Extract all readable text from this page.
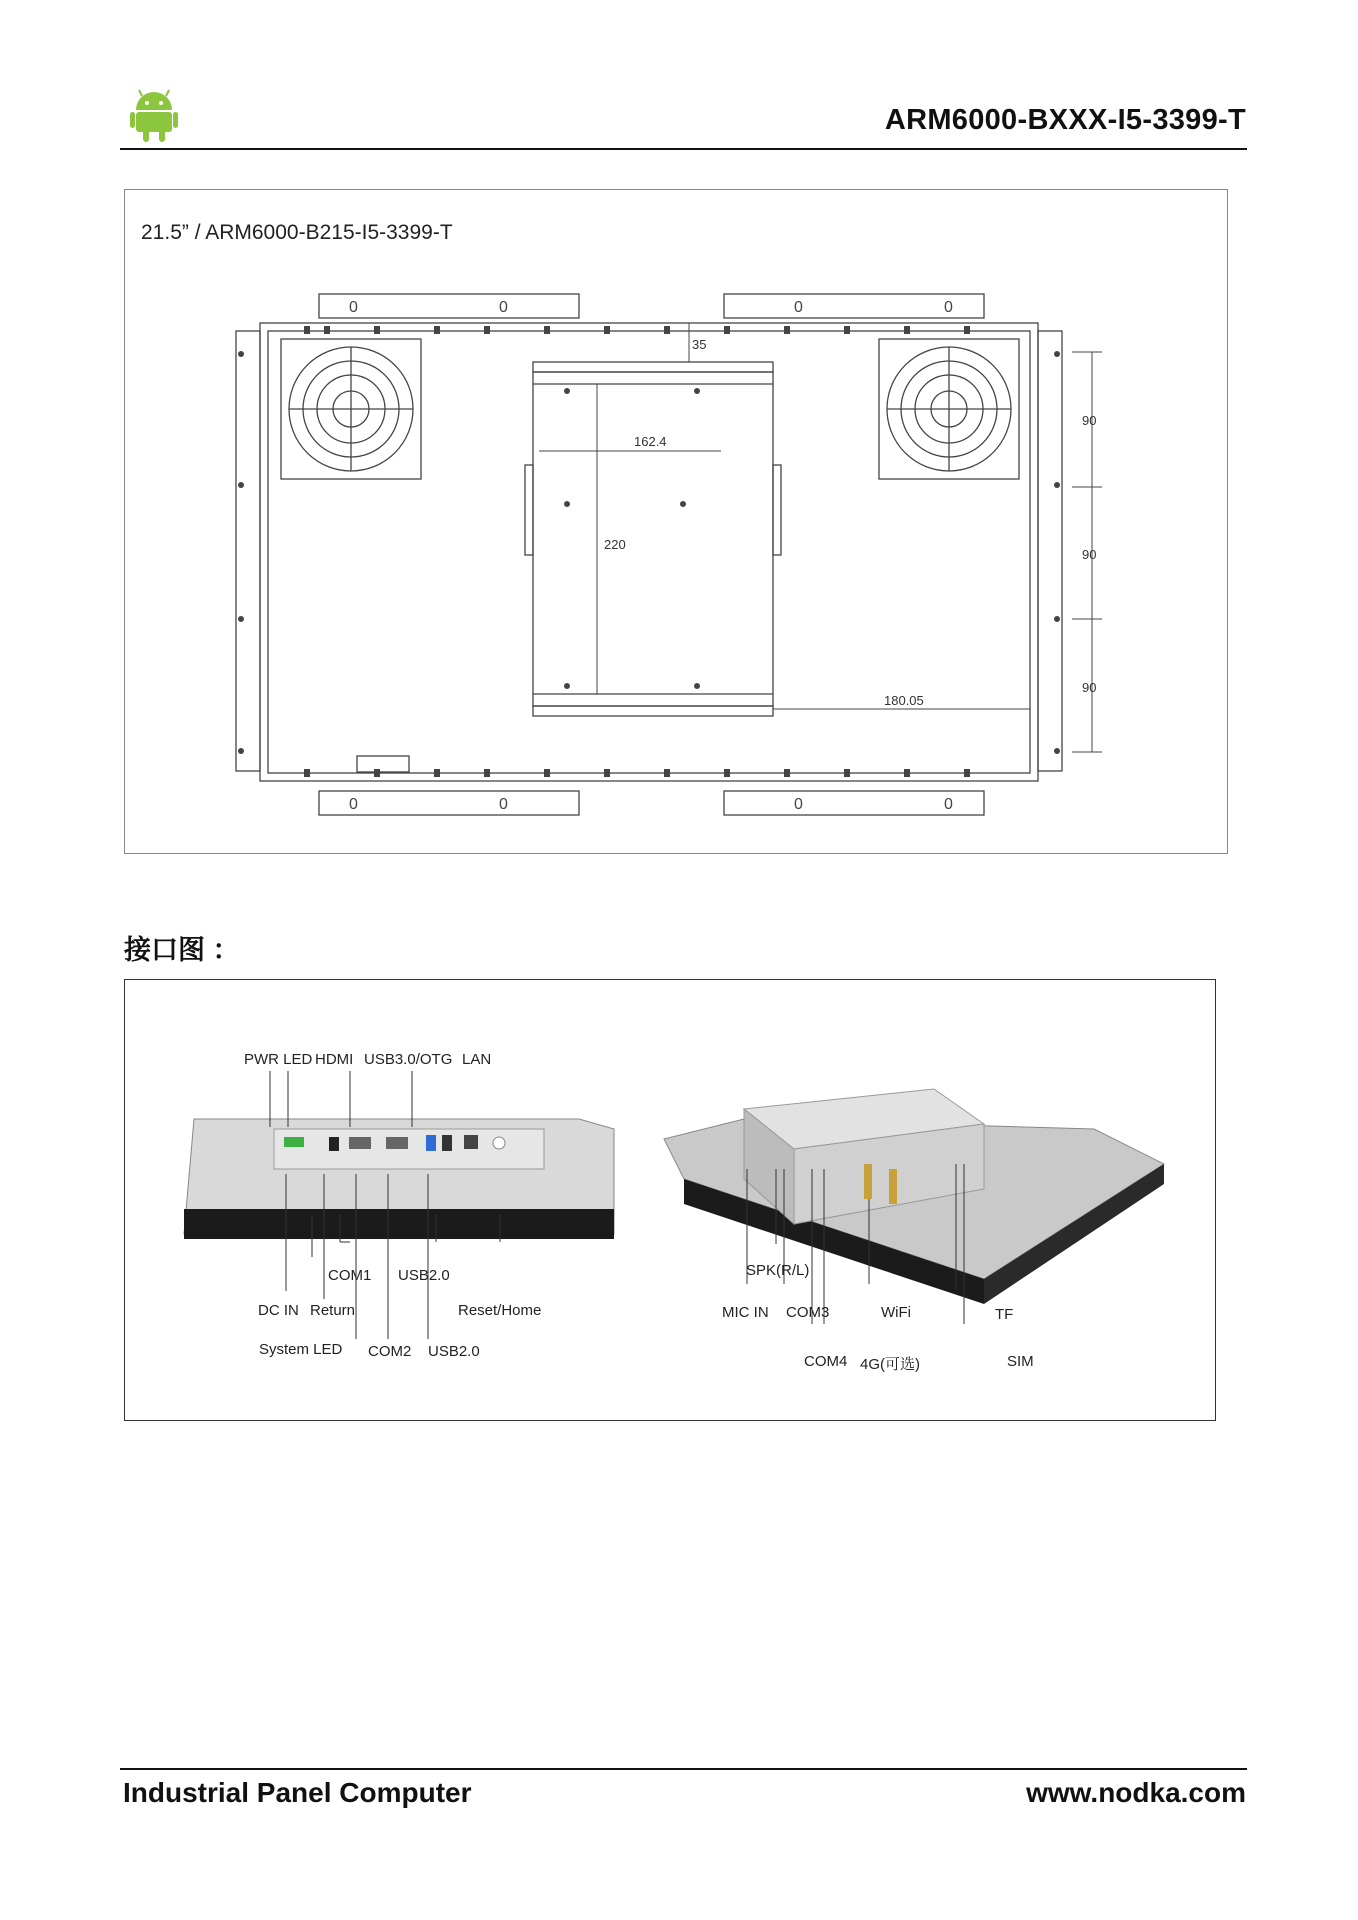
ARM6000-BXXX-I5-3399-T
35
162.4
220
180.05
90
90
90
0	0	0	0
0	0	0	0
21.5” / ARM6000-B215-I5-3399-T
接口图 ：
PWR LED HDMI USB3.0/OTG LAN
COM1 USB2.0
DC IN Return	Reset/Home
System LED COM2 USB2.0
SPK(R/L)
MIC IN COM3	WiFi	TF
COM4 4G(可选)	SIM
Industrial Panel Computer	www.nodka.com
